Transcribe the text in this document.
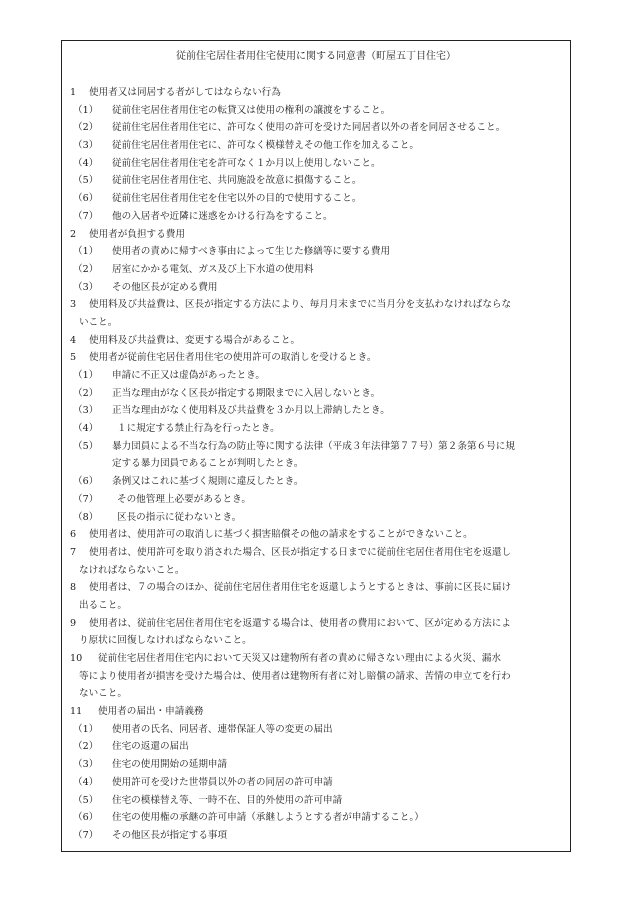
従前住宅居住者用住宅使用に関する同意書（町屋五丁目住宅）
1 使用者又は同居する者がしてはならない行為
（1） 従前住宅居住者用住宅の転貸又は使用の権利の譲渡をすること。
（2） 従前住宅居住者用住宅に、許可なく使用の許可を受けた同居者以外の者を同居させること。
（3） 従前住宅居住者用住宅に、許可なく模様替えその他工作を加えること。
（4） 従前住宅居住者用住宅を許可なく１か月以上使用しないこと。
（5） 従前住宅居住者用住宅、共同施設を故意に損傷すること。
（6） 従前住宅居住者用住宅を住宅以外の目的で使用すること。
（7） 他の入居者や近隣に迷惑をかける行為をすること。
2 使用者が負担する費用
（1） 使用者の責めに帰すべき事由によって生じた修繕等に要する費用
（2） 居室にかかる電気、ガス及び上下水道の使用料
（3） その他区長が定める費用
3 使用料及び共益費は、区長が指定する方法により、毎月月末までに当月分を支払わなければならな
いこと。
4 使用料及び共益費は、変更する場合があること。
5 使用者が従前住宅居住者用住宅の使用許可の取消しを受けるとき。
（1） 申請に不正又は虚偽があったとき。
（2） 正当な理由がなく区長が指定する期限までに入居しないとき。
（3） 正当な理由がなく使用料及び共益費を３か月以上滞納したとき。
（4） １に規定する禁止行為を行ったとき。
（5） 暴力団員による不当な行為の防止等に関する法律（平成３年法律第７７号）第２条第６号に規
定する暴力団員であることが判明したとき。
（6） 条例又はこれに基づく規則に違反したとき。
（7） その他管理上必要があるとき。
（8） 区長の指示に従わないとき。
6 使用者は、使用許可の取消しに基づく損害賠償その他の請求をすることができないこと。
7 使用者は、使用許可を取り消された場合、区長が指定する日までに従前住宅居住者用住宅を返還し
なければならないこと。
8 使用者は、７の場合のほか、従前住宅居住者用住宅を返還しようとするときは、事前に区長に届け
出ること。
9 使用者は、従前住宅居住者用住宅を返還する場合は、使用者の費用において、区が定める方法によ
り原状に回復しなければならないこと。
10 従前住宅居住者用住宅内において天災又は建物所有者の責めに帰さない理由による火災、漏水
等により使用者が損害を受けた場合は、使用者は建物所有者に対し賠償の請求、苦情の申立てを行わ
ないこと。
11 使用者の届出・申請義務
（1） 使用者の氏名、同居者、連帯保証人等の変更の届出
（2） 住宅の返還の届出
（3） 住宅の使用開始の延期申請
（4） 使用許可を受けた世帯員以外の者の同居の許可申請
（5） 住宅の模様替え等、一時不在、目的外使用の許可申請
（6） 住宅の使用権の承継の許可申請（承継しようとする者が申請すること。）
（7） その他区長が指定する事項
